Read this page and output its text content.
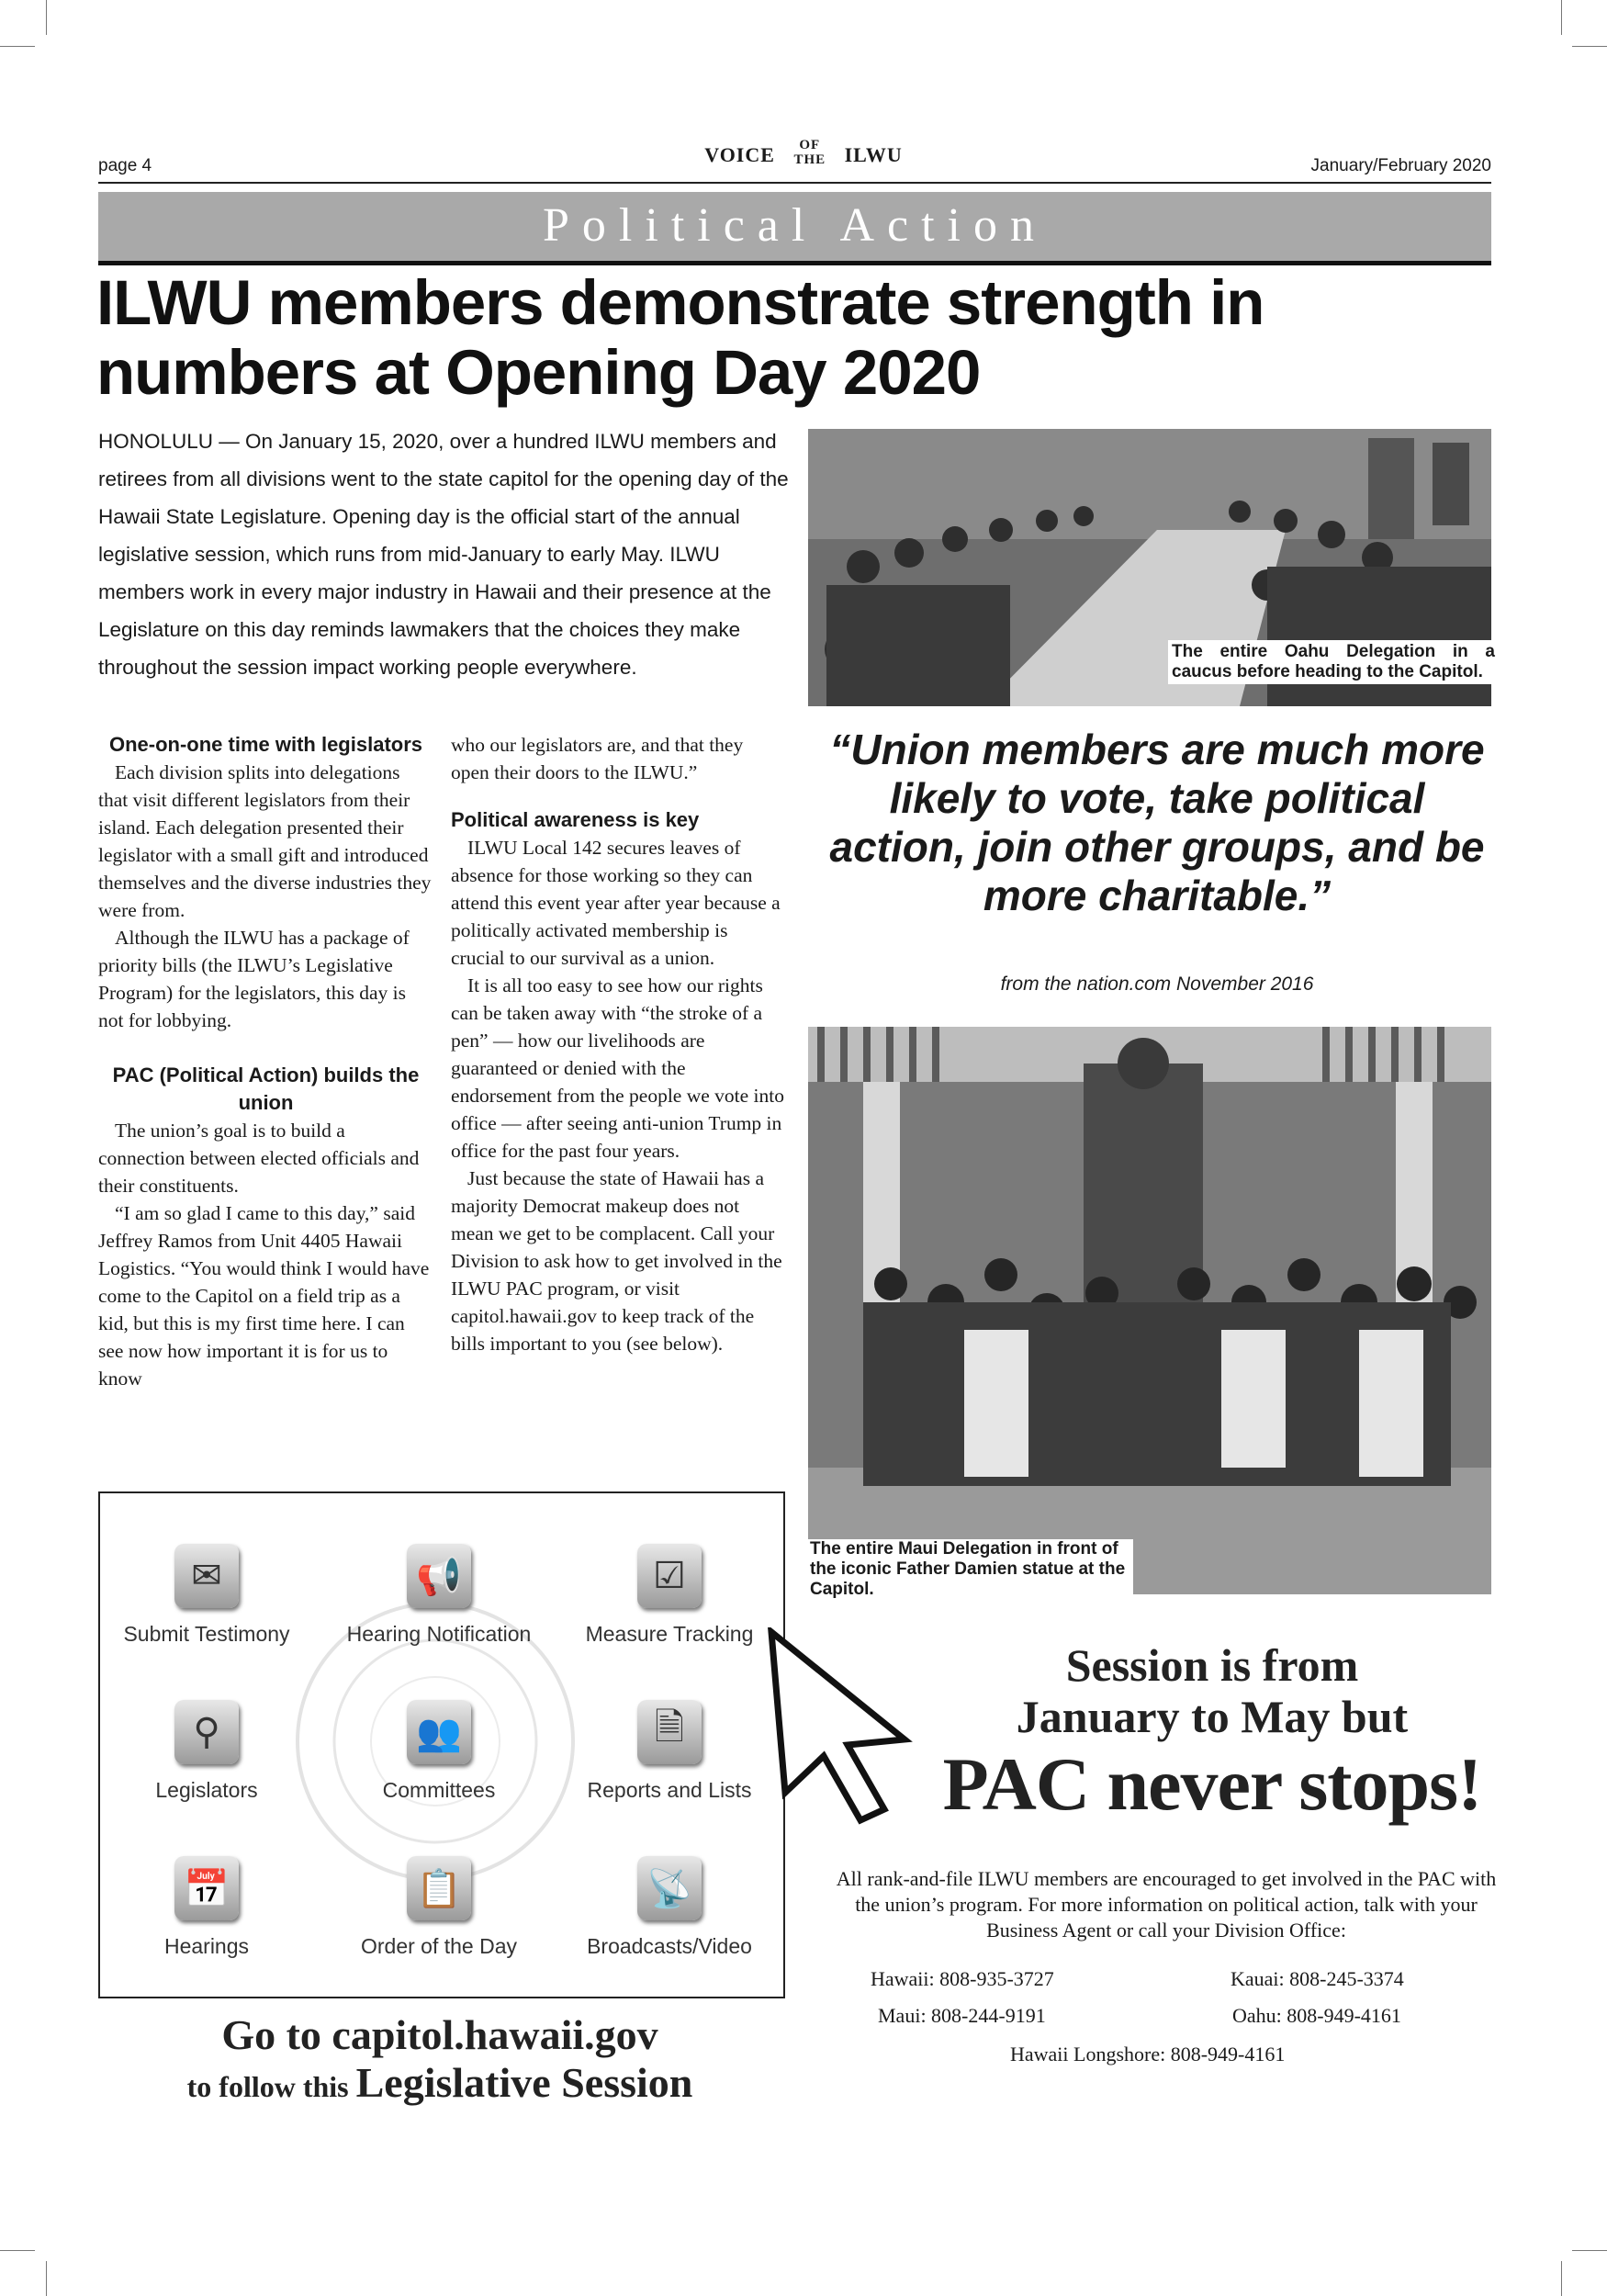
page 4	VOICE OF
THE ILWU	January/February 2020
Political Action
ILWU members demonstrate strength in
numbers at Opening Day 2020
HONOLULU — On January 15, 2020, over a hundred ILWU members and retirees from all divisions went to the state capitol for the opening day of the Hawaii State Legislature. Opening day is the official start of the annual legislative session, which runs from mid-January to early May. ILWU members work in every major industry in Hawaii and their presence at the Legislature on this day reminds lawmakers that the choices they make throughout the session impact working people everywhere.
One-on-one time with legislators

Each division splits into delegations that visit different legislators from their island. Each delegation presented their legislator with a small gift and introduced themselves and the diverse industries they were from.

Although the ILWU has a package of priority bills (the ILWU’s Legislative Program) for the legislators, this day is not for lobbying.

PAC (Political Action) builds the union

The union’s goal is to build a connection between elected officials and their constituents.

“I am so glad I came to this day,” said Jeffrey Ramos from Unit 4405 Hawaii Logistics. “You would think I would have come to the Capitol on a field trip as a kid, but this is my first time here. I can see now how important it is for us to know

who our legislators are, and that they open their doors to the ILWU.”

Political awareness is key

ILWU Local 142 secures leaves of absence for those working so they can attend this event year after year because a politically activated membership is crucial to our survival as a union.

It is all too easy to see how our rights can be taken away with “the stroke of a pen” — how our livelihoods are guaranteed or denied with the endorsement from the people we vote into office — after seeing anti-union Trump in office for the past four years.

Just because the state of Hawaii has a majority Democrat makeup does not mean we get to be complacent. Call your Division to ask how to get involved in the ILWU PAC program, or visit capitol.hawaii.gov to keep track of the bills important to you (see below).

The entire Oahu Delegation in a caucus before heading to the Capitol.
“Union members are much more likely to vote, take political action, join other groups, and be more charitable.”
from the nation.com November 2016
The entire Maui Delegation in front of the iconic Father Damien statue at the Capitol.
✉
Submit Testimony
📢
Hearing Notification
☑
Measure Tracking
⚲
Legislators
👥
Committees
🗎
Reports and Lists
📅
Hearings
📋
Order of the Day
📡
Broadcasts/Video
Go to capitol.hawaii.gov
to follow this Legislative Session
Session is from
January to May but
PAC never stops!
All rank-and-file ILWU members are encouraged to get involved in the PAC with the union’s program. For more information on political action, talk with your Business Agent or call your Division Office:
Hawaii: 808-935-3727	Kauai: 808-245-3374
Maui: 808-244-9191	Oahu: 808-949-4161
Hawaii Longshore: 808-949-4161
